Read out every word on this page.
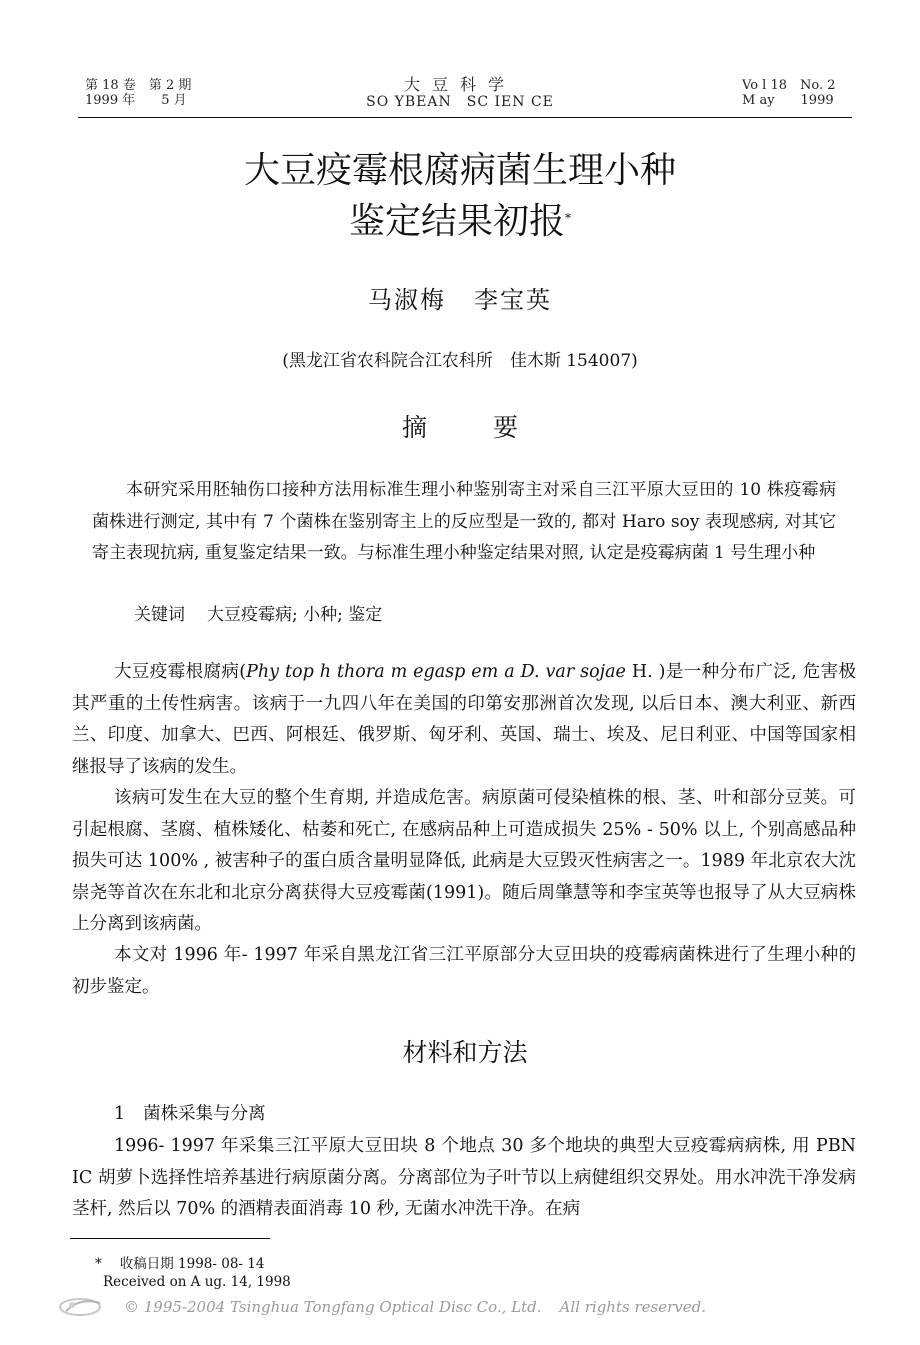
第 18 卷　第 2 期
1999 年　　5 月
大豆科学
SO YBEAN　SC IEN CE
Vo l 18　No. 2
M ay　　1999
大豆疫霉根腐病菌生理小种
鉴定结果初报*
马淑梅 李宝英
(黑龙江省农科院合江农科所　佳木斯 154007)
摘要

本研究采用胚轴伤口接种方法用标准生理小种鉴别寄主对采自三江平原大豆田的 10 株疫霉病菌株进行测定, 其中有 7 个菌株在鉴别寄主上的反应型是一致的, 都对 Haro soy 表现感病, 对其它寄主表现抗病, 重复鉴定结果一致。与标准生理小种鉴定结果对照, 认定是疫霉病菌 1 号生理小种

关键词 大豆疫霉病; 小种; 鉴定

大豆疫霉根腐病(Phy top h thora m egasp em a D. var sojae H. )是一种分布广泛, 危害极其严重的土传性病害。该病于一九四八年在美国的印第安那洲首次发现, 以后日本、澳大利亚、新西兰、印度、加拿大、巴西、阿根廷、俄罗斯、匈牙利、英国、瑞士、埃及、尼日利亚、中国等国家相继报导了该病的发生。

该病可发生在大豆的整个生育期, 并造成危害。病原菌可侵染植株的根、茎、叶和部分豆荚。可引起根腐、茎腐、植株矮化、枯萎和死亡, 在感病品种上可造成损失 25% - 50% 以上, 个别高感品种损失可达 100% , 被害种子的蛋白质含量明显降低, 此病是大豆毁灭性病害之一。1989 年北京农大沈崇尧等首次在东北和北京分离获得大豆疫霉菌(1991)。随后周肇慧等和李宝英等也报导了从大豆病株上分离到该病菌。

本文对 1996 年- 1997 年采自黑龙江省三江平原部分大豆田块的疫霉病菌株进行了生理小种的初步鉴定。

材料和方法
1 菌株采集与分离

1996- 1997 年采集三江平原大豆田块 8 个地点 30 多个地块的典型大豆疫霉病病株, 用 PBN IC 胡萝卜选择性培养基进行病原菌分离。分离部位为子叶节以上病健组织交界处。用水冲洗干净发病茎杆, 然后以 70% 的酒精表面消毒 10 秒, 无菌水冲洗干净。在病

* 收稿日期 1998- 08- 14
Received on A ug. 14, 1998
© 1995-2004 Tsinghua Tongfang Optical Disc Co., Ltd. All rights reserved.
